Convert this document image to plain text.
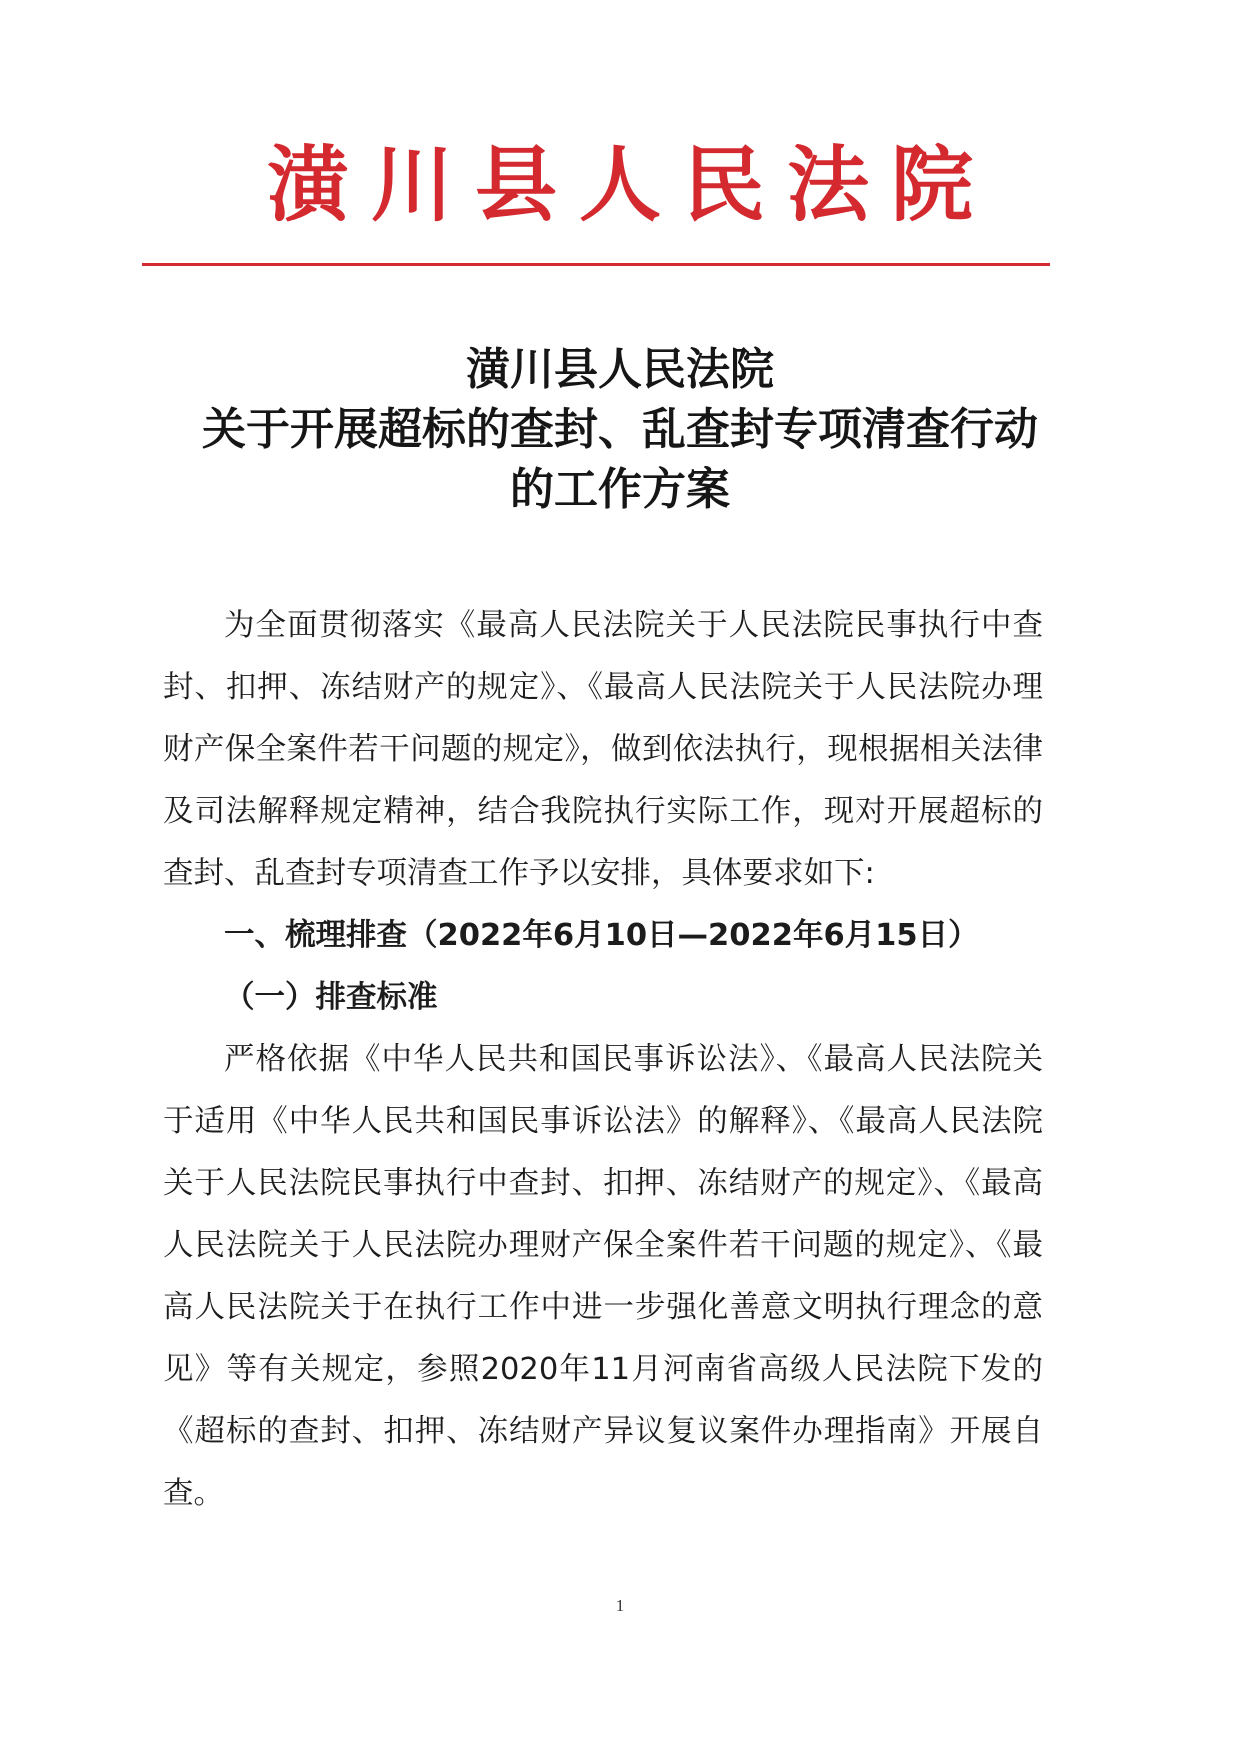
潢川县人民法院
潢川县人民法院
关于开展超标的查封、乱查封专项清查行动
的工作方案

为全面贯彻落实《最高人民法院关于人民法院民事执行中查封、扣押、冻结财产的规定》、《最高人民法院关于人民法院办理财产保全案件若干问题的规定》，做到依法执行，现根据相关法律及司法解释规定精神，结合我院执行实际工作，现对开展超标的查封、乱查封专项清查工作予以安排，具体要求如下:

一、梳理排查（2022年6月10日—2022年6月15日）
（一）排查标准

严格依据《中华人民共和国民事诉讼法》、《最高人民法院关于适用《中华人民共和国民事诉讼法》的解释》、《最高人民法院关于人民法院民事执行中查封、扣押、冻结财产的规定》、《最高人民法院关于人民法院办理财产保全案件若干问题的规定》、《最高人民法院关于在执行工作中进一步强化善意文明执行理念的意见》等有关规定，参照2020年11月河南省高级人民法院下发的《超标的查封、扣押、冻结财产异议复议案件办理指南》开展自查。

1
